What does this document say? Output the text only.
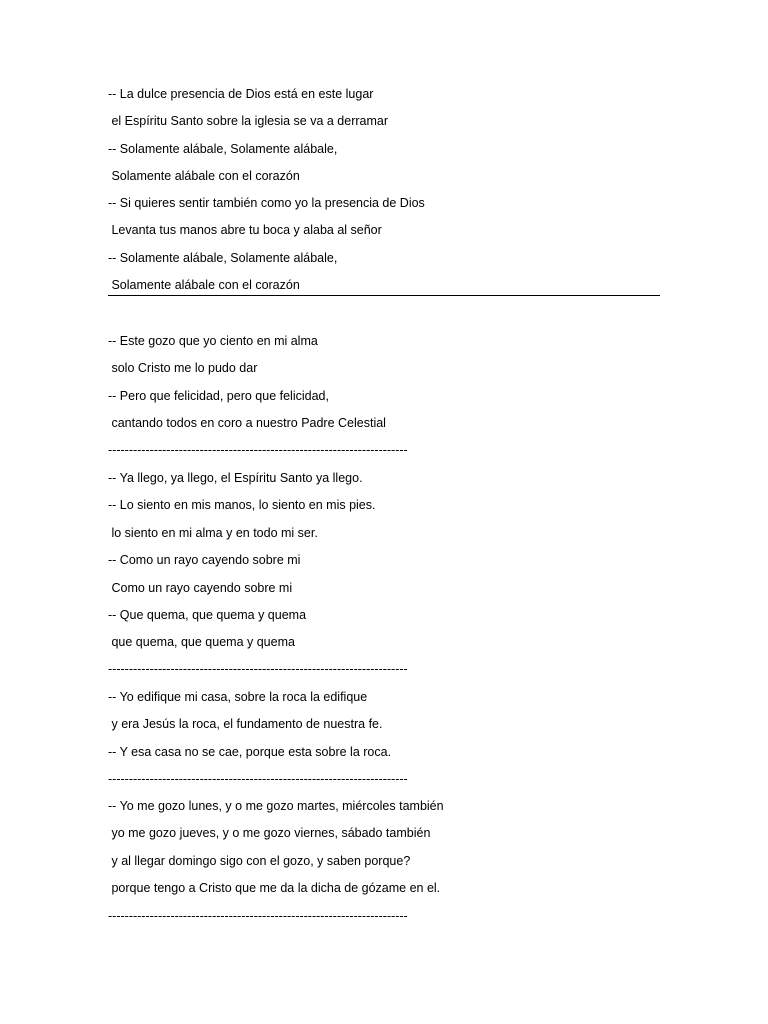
-- La dulce presencia de Dios está en este lugar
el Espíritu Santo sobre la iglesia se va a derramar
-- Solamente alábale, Solamente alábale,
Solamente alábale con el corazón
-- Si quieres sentir también como yo la presencia de Dios
Levanta tus manos abre tu boca y alaba al señor
-- Solamente alábale, Solamente alábale,
Solamente alábale con el corazón
-- Este gozo que yo ciento en mi alma
solo Cristo me lo pudo dar
-- Pero que felicidad, pero que felicidad,
cantando todos en coro a nuestro Padre Celestial
------------------------------------------------------------------------
-- Ya llego, ya llego, el Espíritu Santo ya llego.
-- Lo siento en mis manos, lo siento en mis pies.
lo siento en mi alma y en todo mi ser.
-- Como un rayo cayendo sobre mi
Como un rayo cayendo sobre mi
-- Que quema, que quema y quema
que quema, que quema y quema
------------------------------------------------------------------------
-- Yo edifique mi casa, sobre la roca la edifique
y era Jesús la roca, el fundamento de nuestra fe.
-- Y esa casa no se cae, porque esta sobre la roca.
------------------------------------------------------------------------
-- Yo me gozo lunes, y o me gozo martes, miércoles también
yo me gozo jueves, y o me gozo viernes, sábado también
y al llegar domingo sigo con el gozo, y saben porque?
porque tengo a Cristo que me da la dicha de gózame en el.
------------------------------------------------------------------------
